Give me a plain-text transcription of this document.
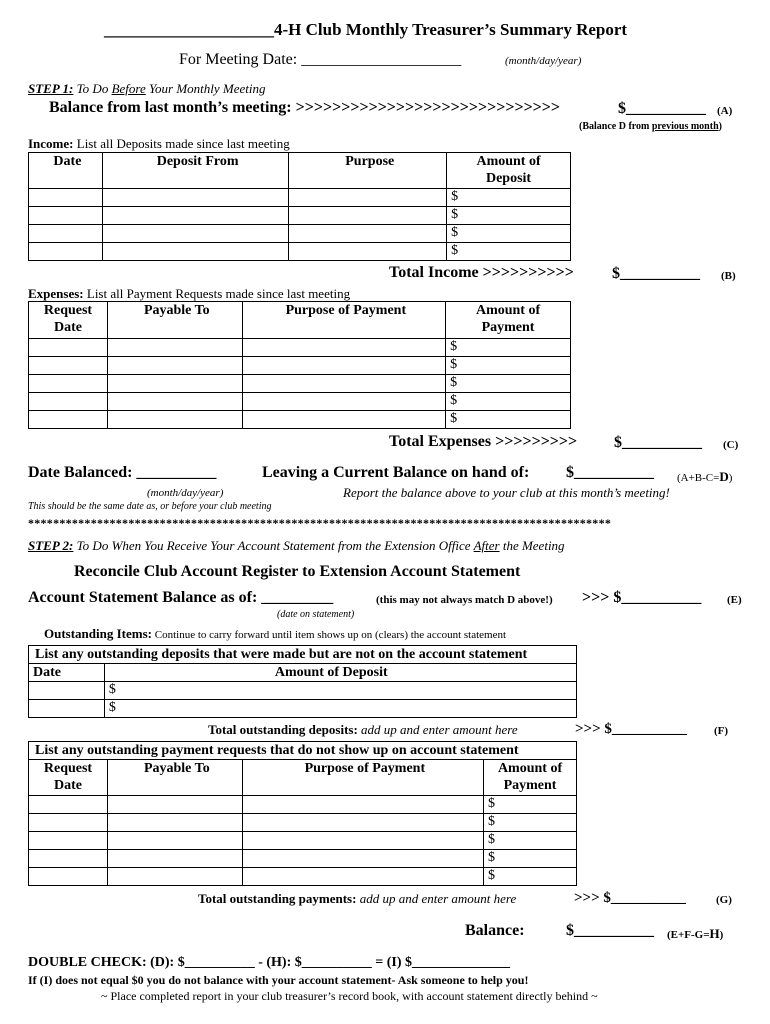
____________________4-H Club Monthly Treasurer’s Summary Report
For Meeting Date: ____________________	(month/day/year)
STEP 1: To Do Before Your Monthly Meeting
Balance from last month’s meeting: >>>>>>>>>>>>>>>>>>>>>>>>>>>>>	$__________ (A)
(Balance D from previous month)
Income: List all Deposits made since last meeting
Date	Deposit From	Purpose	Amount of Deposit
			$
			$
			$
			$
Total Income >>>>>>>>>> $__________ (B)
Expenses: List all Payment Requests made since last meeting
Request Date	Payable To	Purpose of Payment	Amount of Payment
			$
			$
			$
			$
			$
Total Expenses >>>>>>>>> $__________ (C)
Date Balanced: __________	Leaving a Current Balance on hand of: $__________ (A+B-C=D)
(month/day/year)	Report the balance above to your club at this month’s meeting!
This should be the same date as, or before your club meeting
*********************************************************************************************
STEP 2: To Do When You Receive Your Account Statement from the Extension Office After the Meeting
Reconcile Club Account Register to Extension Account Statement
Account Statement Balance as of: _________	(this may not always match D above!) >>> $__________ (E)
(date on statement)
Outstanding Items: Continue to carry forward until item shows up on (clears) the account statement
List any outstanding deposits that were made but are not on the account statement	
Date	Amount of Deposit
	$
	$
Total outstanding deposits: add up and enter amount here	>>> $__________ (F)
List any outstanding payment requests that do not show up on account statement			
Request Date	Payable To	Purpose of Payment	Amount of Payment
			$
			$
			$
			$
			$
Total outstanding payments: add up and enter amount here	>>> $__________	(G)
Balance:	$__________ (E+F-G=H)
DOUBLE CHECK: (D): $__________ - (H): $__________ = (I) $______________
If (I) does not equal $0 you do not balance with your account statement- Ask someone to help you!
~ Place completed report in your club treasurer’s record book, with account statement directly behind ~
